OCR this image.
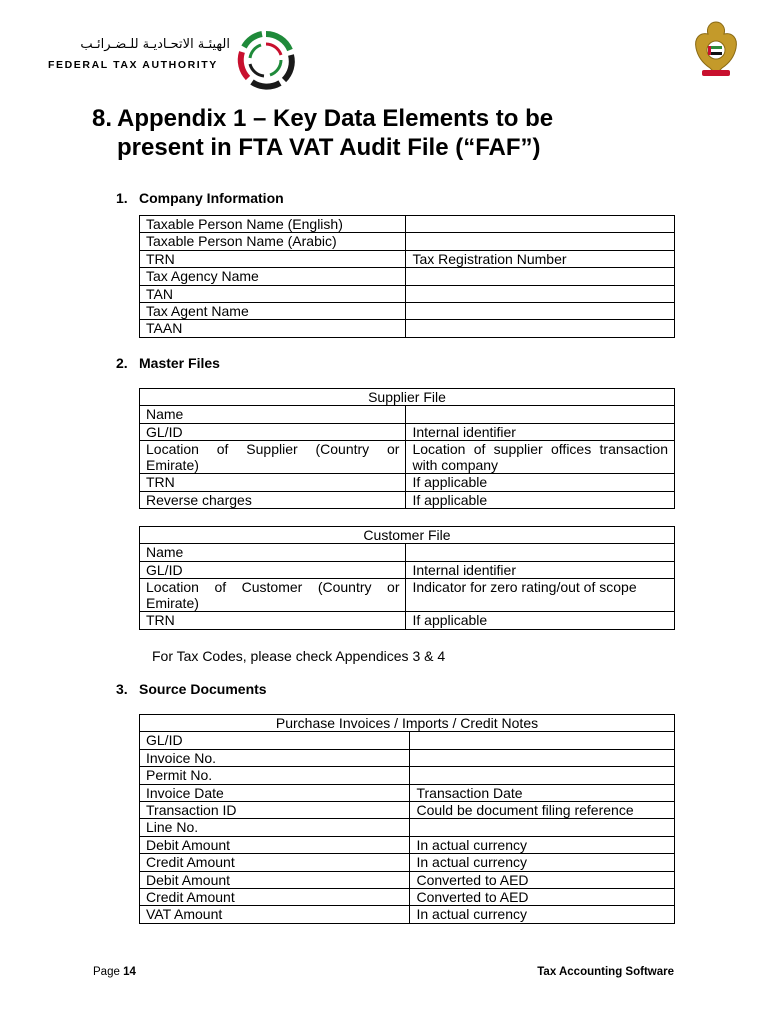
الهيئـة الاتحـاديـة للـضـرائـب
FEDERAL TAX AUTHORITY
8. Appendix 1 – Key Data Elements to be present in FTA VAT Audit File (“FAF”)
1. Company Information
Taxable Person Name (English)	
Taxable Person Name (Arabic)	
TRN	Tax Registration Number
Tax Agency Name	
TAN	
Tax Agent Name	
TAAN	
2. Master Files
Supplier File	
Name	
GL/ID	Internal identifier
Location of Supplier (Country or Emirate)	Location of supplier offices transaction with company
TRN	If applicable
Reverse charges	If applicable
Customer File	
Name	
GL/ID	Internal identifier
Location of Customer (Country or Emirate)	Indicator for zero rating/out of scope
TRN	If applicable
For Tax Codes, please check Appendices 3 & 4
3. Source Documents
Purchase Invoices / Imports / Credit Notes	
GL/ID	
Invoice No.	
Permit No.	
Invoice Date	Transaction Date
Transaction ID	Could be document filing reference
Line No.	
Debit Amount	In actual currency
Credit Amount	In actual currency
Debit Amount	Converted to AED
Credit Amount	Converted to AED
VAT Amount	In actual currency
Page 14	Tax Accounting Software
